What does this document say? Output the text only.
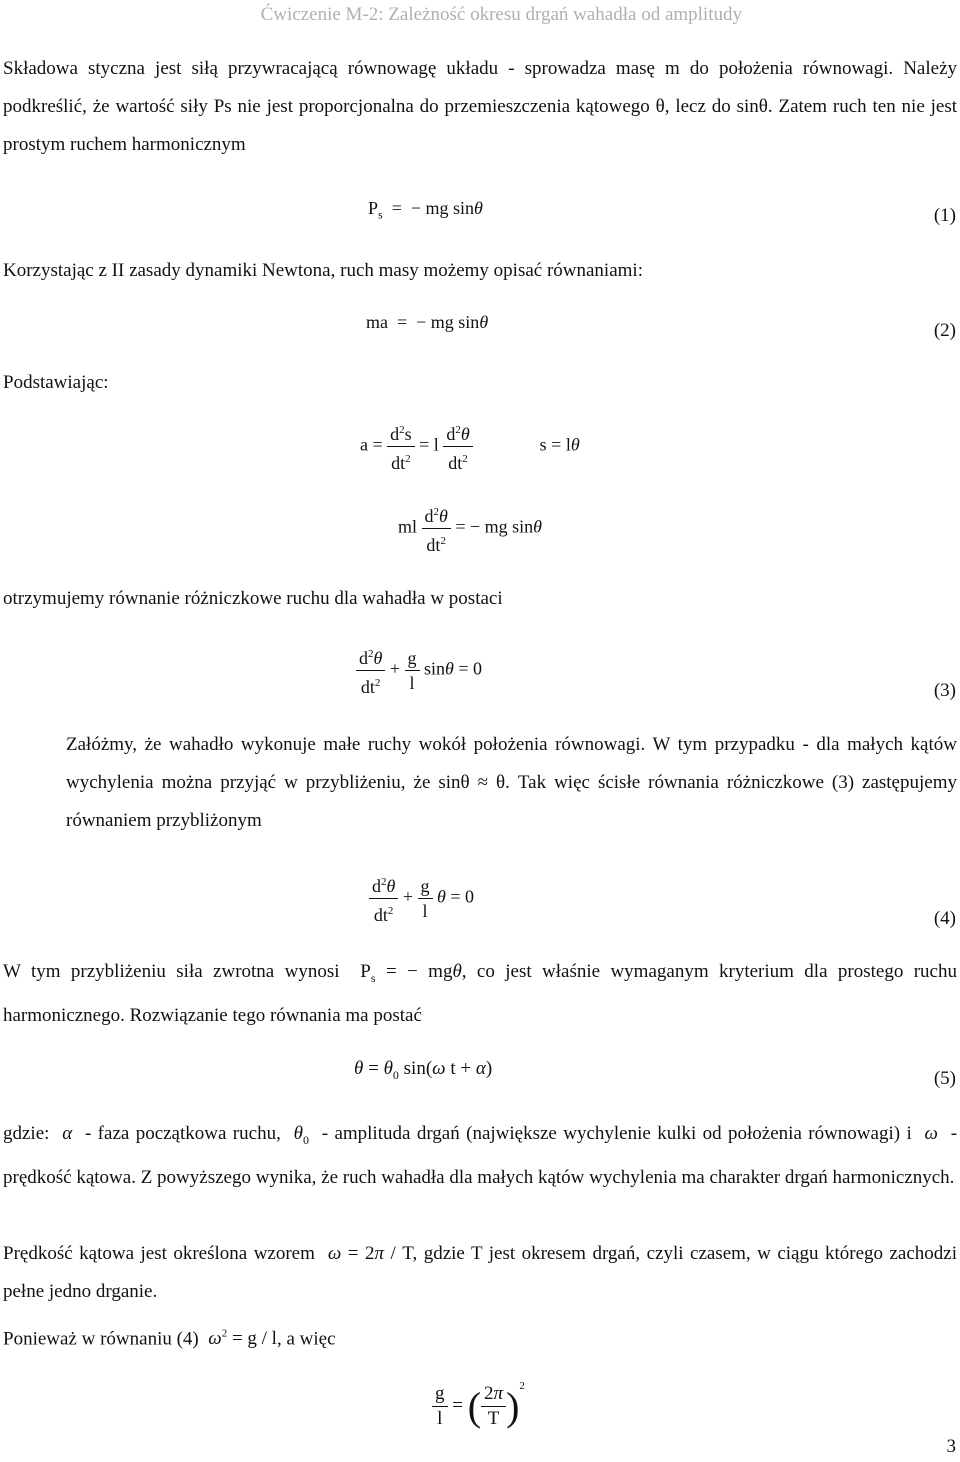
Ćwiczenie M-2: Zależność okresu drgań wahadła od amplitudy

Składowa styczna jest siłą przywracającą równowagę układu - sprowadza masę m do położenia równowagi. Należy podkreślić, że wartość siły Ps nie jest proporcjonalna do przemieszczenia kątowego θ, lecz do sinθ. Zatem ruch ten nie jest prostym ruchem harmonicznym

$P_s$  =  − mg sinθ	(1)

Korzystając z II zasady dynamiki Newtona, ruch masy możemy opisać równaniami:

ma  =  − mg sinθ	(2)

Podstawiając:

$a = \frac{d^2s}{dt^2} = l \frac{d^2\theta}{dt^2}$	s = lθ
ml $\frac{d^2\theta}{dt^2}$ = − mg sinθ

otrzymujemy równanie różniczkowe ruchu dla wahadła w postaci

$\frac{d^2\theta}{dt^2} + \frac{g}{l}$ sinθ = 0
(3)

Załóżmy, że wahadło wykonuje małe ruchy wokół położenia równowagi. W tym przypadku - dla małych kątów wychylenia można przyjąć w przybliżeniu, że sinθ ≈ θ. Tak więc ścisłe równania różniczkowe (3) zastępujemy równaniem przybliżonym

$\frac{d^2\theta}{dt^2} + \frac{g}{l}$ θ = 0
(4)

W tym przybliżeniu siła zwrotna wynosi  $P_s$ = − mgθ, co jest właśnie wymaganym kryterium dla prostego ruchu harmonicznego. Rozwiązanie tego równania ma postać

$\theta = \theta_0$ sin(ω t + α)	(5)

gdzie:  α  - faza początkowa ruchu, $\theta_0$ - amplituda drgań (największe wychylenie kulki od położenia równowagi) i  ω  - prędkość kątowa. Z powyższego wynika, że ruch wahadła dla małych kątów wychylenia ma charakter drgań harmonicznych.

Prędkość kątowa jest określona wzorem ω = 2π / T, gdzie T jest okresem drgań, czyli czasem, w ciągu którego zachodzi pełne jedno drganie.

Ponieważ w równaniu (4) $\omega^2 = g / l$, a więc

$\frac{g}{l}$ = ( $\frac{2\pi}{T} )^2$
3
